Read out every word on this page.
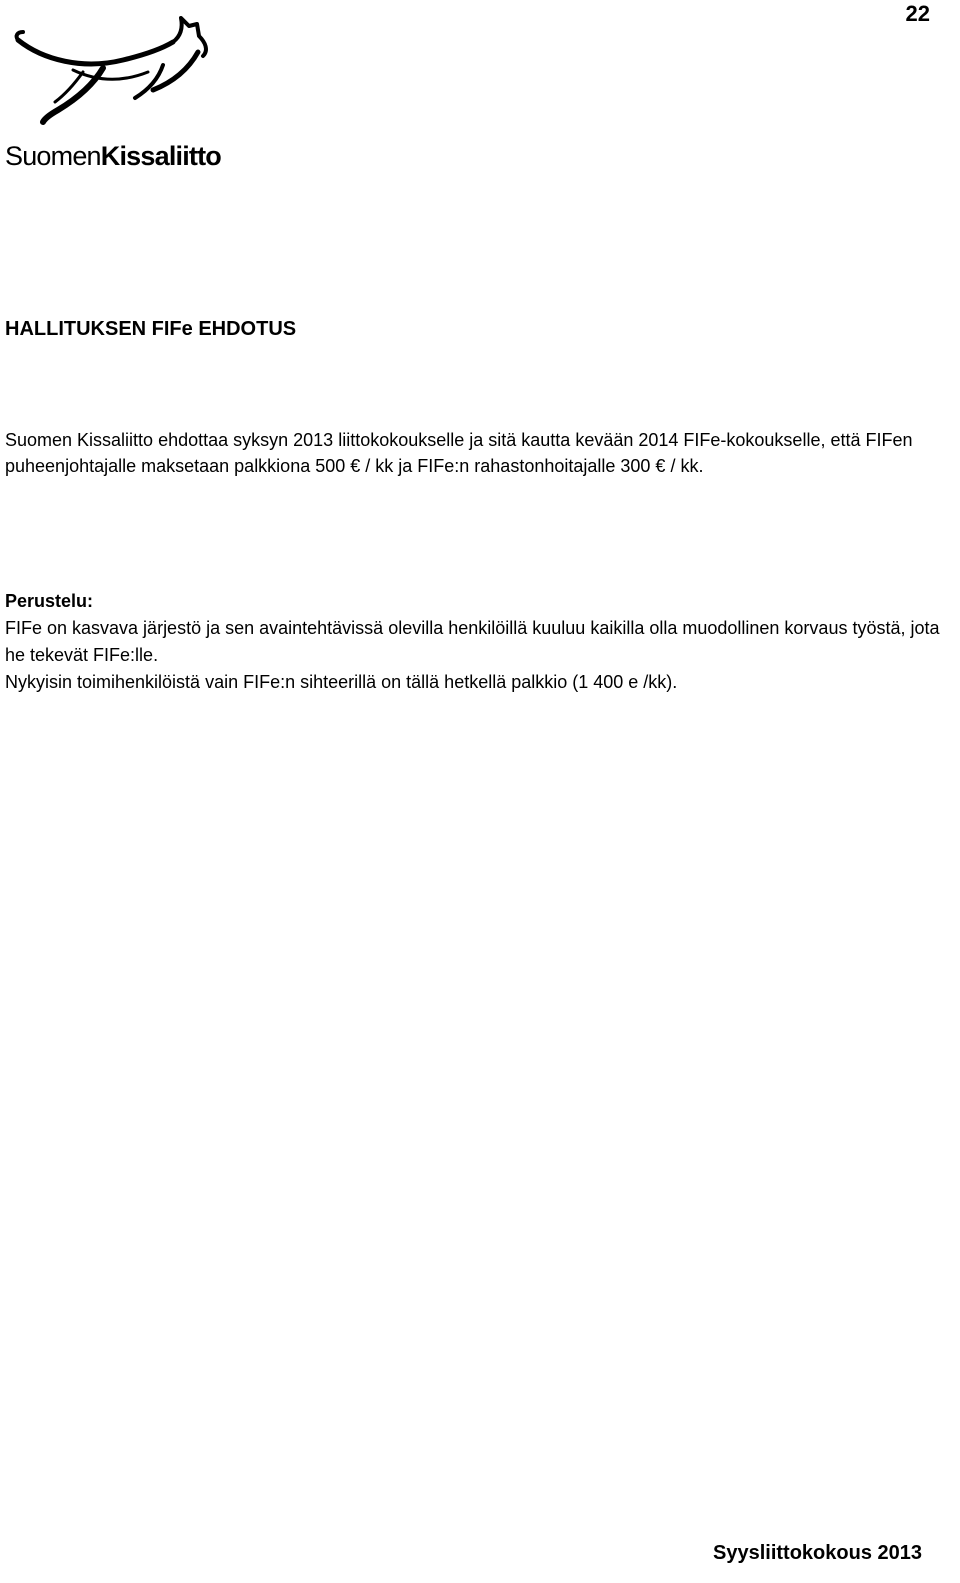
22
SuomenKissaliitto
HALLITUKSEN FIFe EHDOTUS

Suomen Kissaliitto ehdottaa syksyn 2013 liittokokoukselle ja sitä kautta kevään 2014 FIFe-kokoukselle, että FIFen puheenjohtajalle maksetaan palkkiona 500 € / kk ja FIFe:n rahastonhoitajalle 300 € / kk.

Perustelu:
FIFe on kasvava järjestö ja sen avaintehtävissä olevilla henkilöillä kuuluu kaikilla olla muodollinen korvaus työstä, jota he tekevät FIFe:lle.
Nykyisin toimihenkilöistä vain FIFe:n sihteerillä on tällä hetkellä palkkio (1 400 e /kk).
Syysliittokokous 2013
